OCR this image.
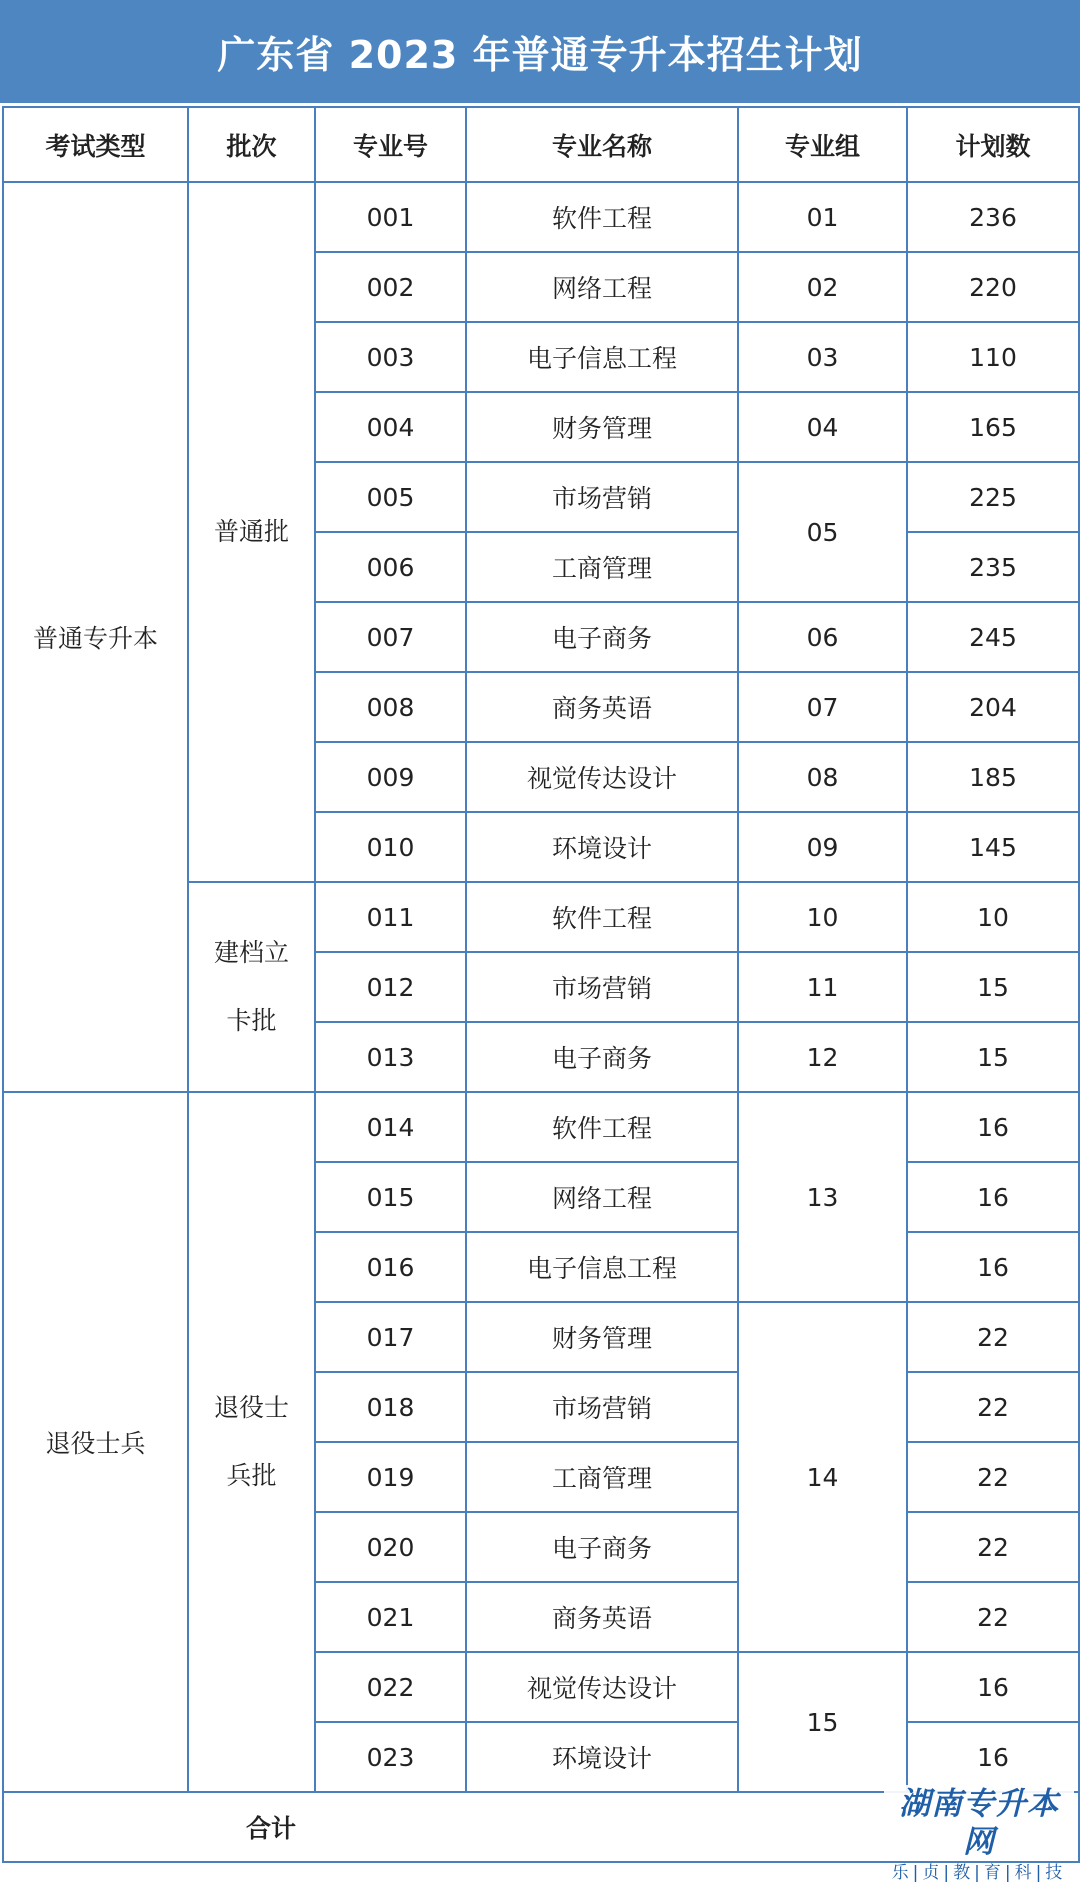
广东省 2023 年普通专升本招生计划
考试类型	批次	专业号	专业名称	专业组	计划数
普通专升本	普通批	001	软件工程	01	236
		002	网络工程	02	220
		003	电子信息工程	03	110
		004	财务管理	04	165
		005	市场营销	05	225
		006	工商管理		235
		007	电子商务	06	245
		008	商务英语	07	204
		009	视觉传达设计	08	185
		010	环境设计	09	145

	建档立卡批	011	软件工程	10	10
		012	市场营销	11	15
		013	电子商务	12	15
退役士兵	退役士兵批	014	软件工程	13	16
		015	网络工程		16
		016	电子信息工程		16
		017	财务管理	14	22
		018	市场营销		22
		019	工商管理		22
		020	电子商务		22
		021	商务英语		22
		022	视觉传达设计	15	16
		023	环境设计		16
合计					
湖南专升本网
乐|贞|教|育|科|技
